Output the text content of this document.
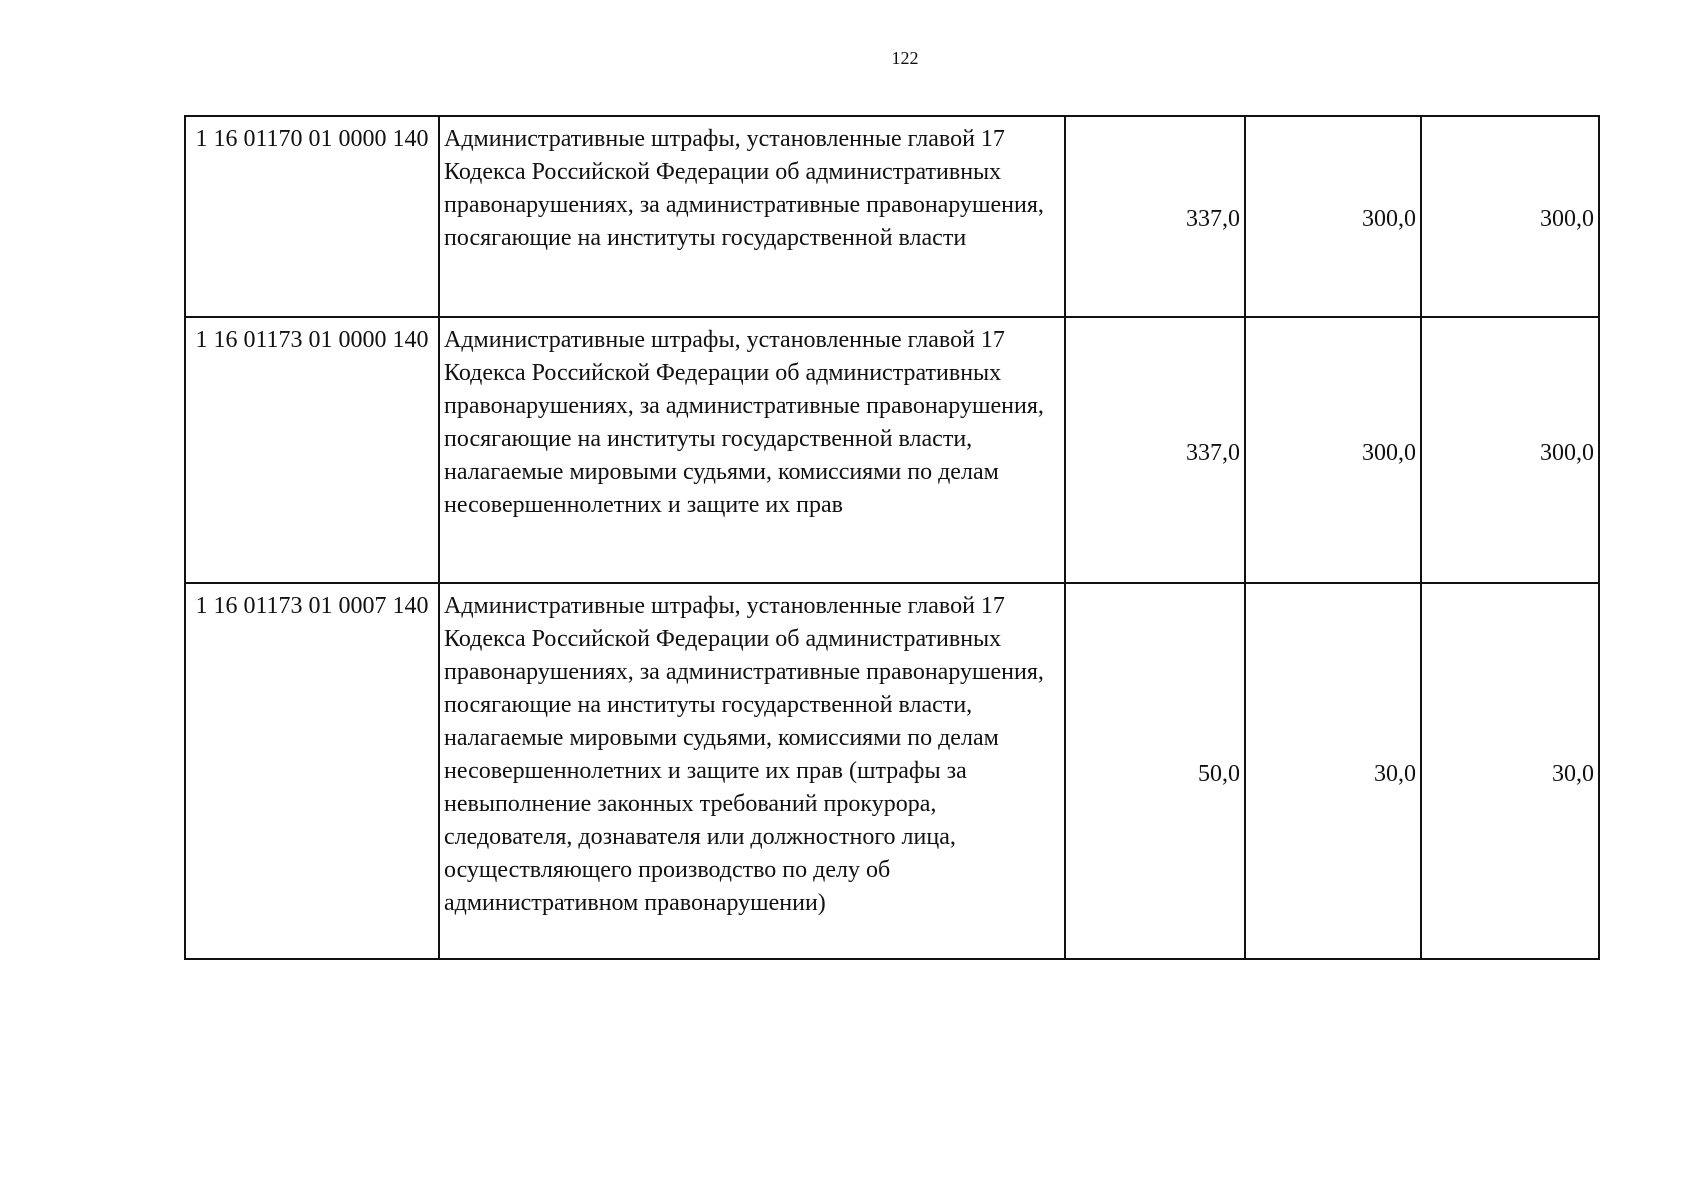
122
1 16 01170 01 0000 140	Административные штрафы, установленные главой 17 Кодекса Российской Федерации об административных правонарушениях, за административные правонарушения, посягающие на институты государственной власти	337,0	300,0	300,0
1 16 01173 01 0000 140	Административные штрафы, установленные главой 17 Кодекса Российской Федерации об административных правонарушениях, за административные правонарушения, посягающие на институты государственной власти, налагаемые мировыми судьями, комиссиями по делам несовершеннолетних и защите их прав	337,0	300,0	300,0
1 16 01173 01 0007 140	Административные штрафы, установленные главой 17 Кодекса Российской Федерации об административных правонарушениях, за административные правонарушения, посягающие на институты государственной власти, налагаемые мировыми судьями, комиссиями по делам несовершеннолетних и защите их прав (штрафы за невыполнение законных требований прокурора, следователя, дознавателя или должностного лица, осуществляющего производство по делу об административном правонарушении)	50,0	30,0	30,0
